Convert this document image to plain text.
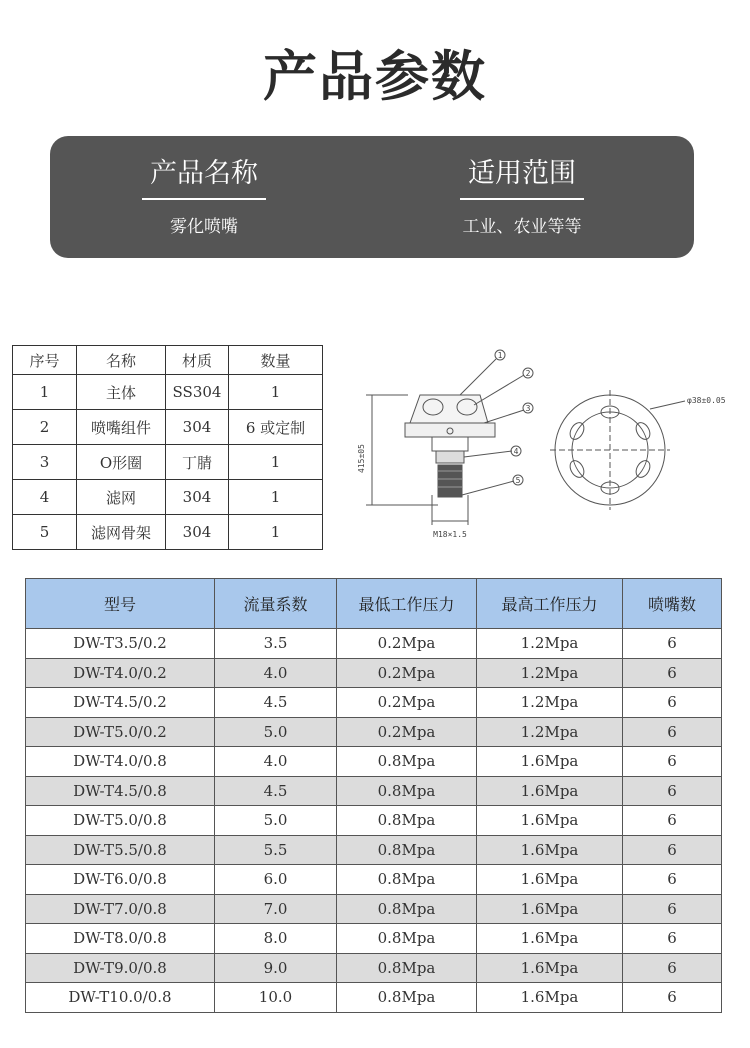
产品参数
产品名称
雾化喷嘴
适用范围
工业、农业等等
序号	名称	材质	数量
1	主体	SS304	1
2	喷嘴组件	304	6 或定制
3	O形圈	丁腈	1
4	滤网	304	1
5	滤网骨架	304	1
1
2
3
4
5
415±05
M18×1.5
φ38±0.05
型号	流量系数	最低工作压力	最高工作压力	喷嘴数
DW-T3.5/0.2	3.5	0.2Mpa	1.2Mpa	6
DW-T4.0/0.2	4.0	0.2Mpa	1.2Mpa	6
DW-T4.5/0.2	4.5	0.2Mpa	1.2Mpa	6
DW-T5.0/0.2	5.0	0.2Mpa	1.2Mpa	6
DW-T4.0/0.8	4.0	0.8Mpa	1.6Mpa	6
DW-T4.5/0.8	4.5	0.8Mpa	1.6Mpa	6
DW-T5.0/0.8	5.0	0.8Mpa	1.6Mpa	6
DW-T5.5/0.8	5.5	0.8Mpa	1.6Mpa	6
DW-T6.0/0.8	6.0	0.8Mpa	1.6Mpa	6
DW-T7.0/0.8	7.0	0.8Mpa	1.6Mpa	6
DW-T8.0/0.8	8.0	0.8Mpa	1.6Mpa	6
DW-T9.0/0.8	9.0	0.8Mpa	1.6Mpa	6
DW-T10.0/0.8	10.0	0.8Mpa	1.6Mpa	6
